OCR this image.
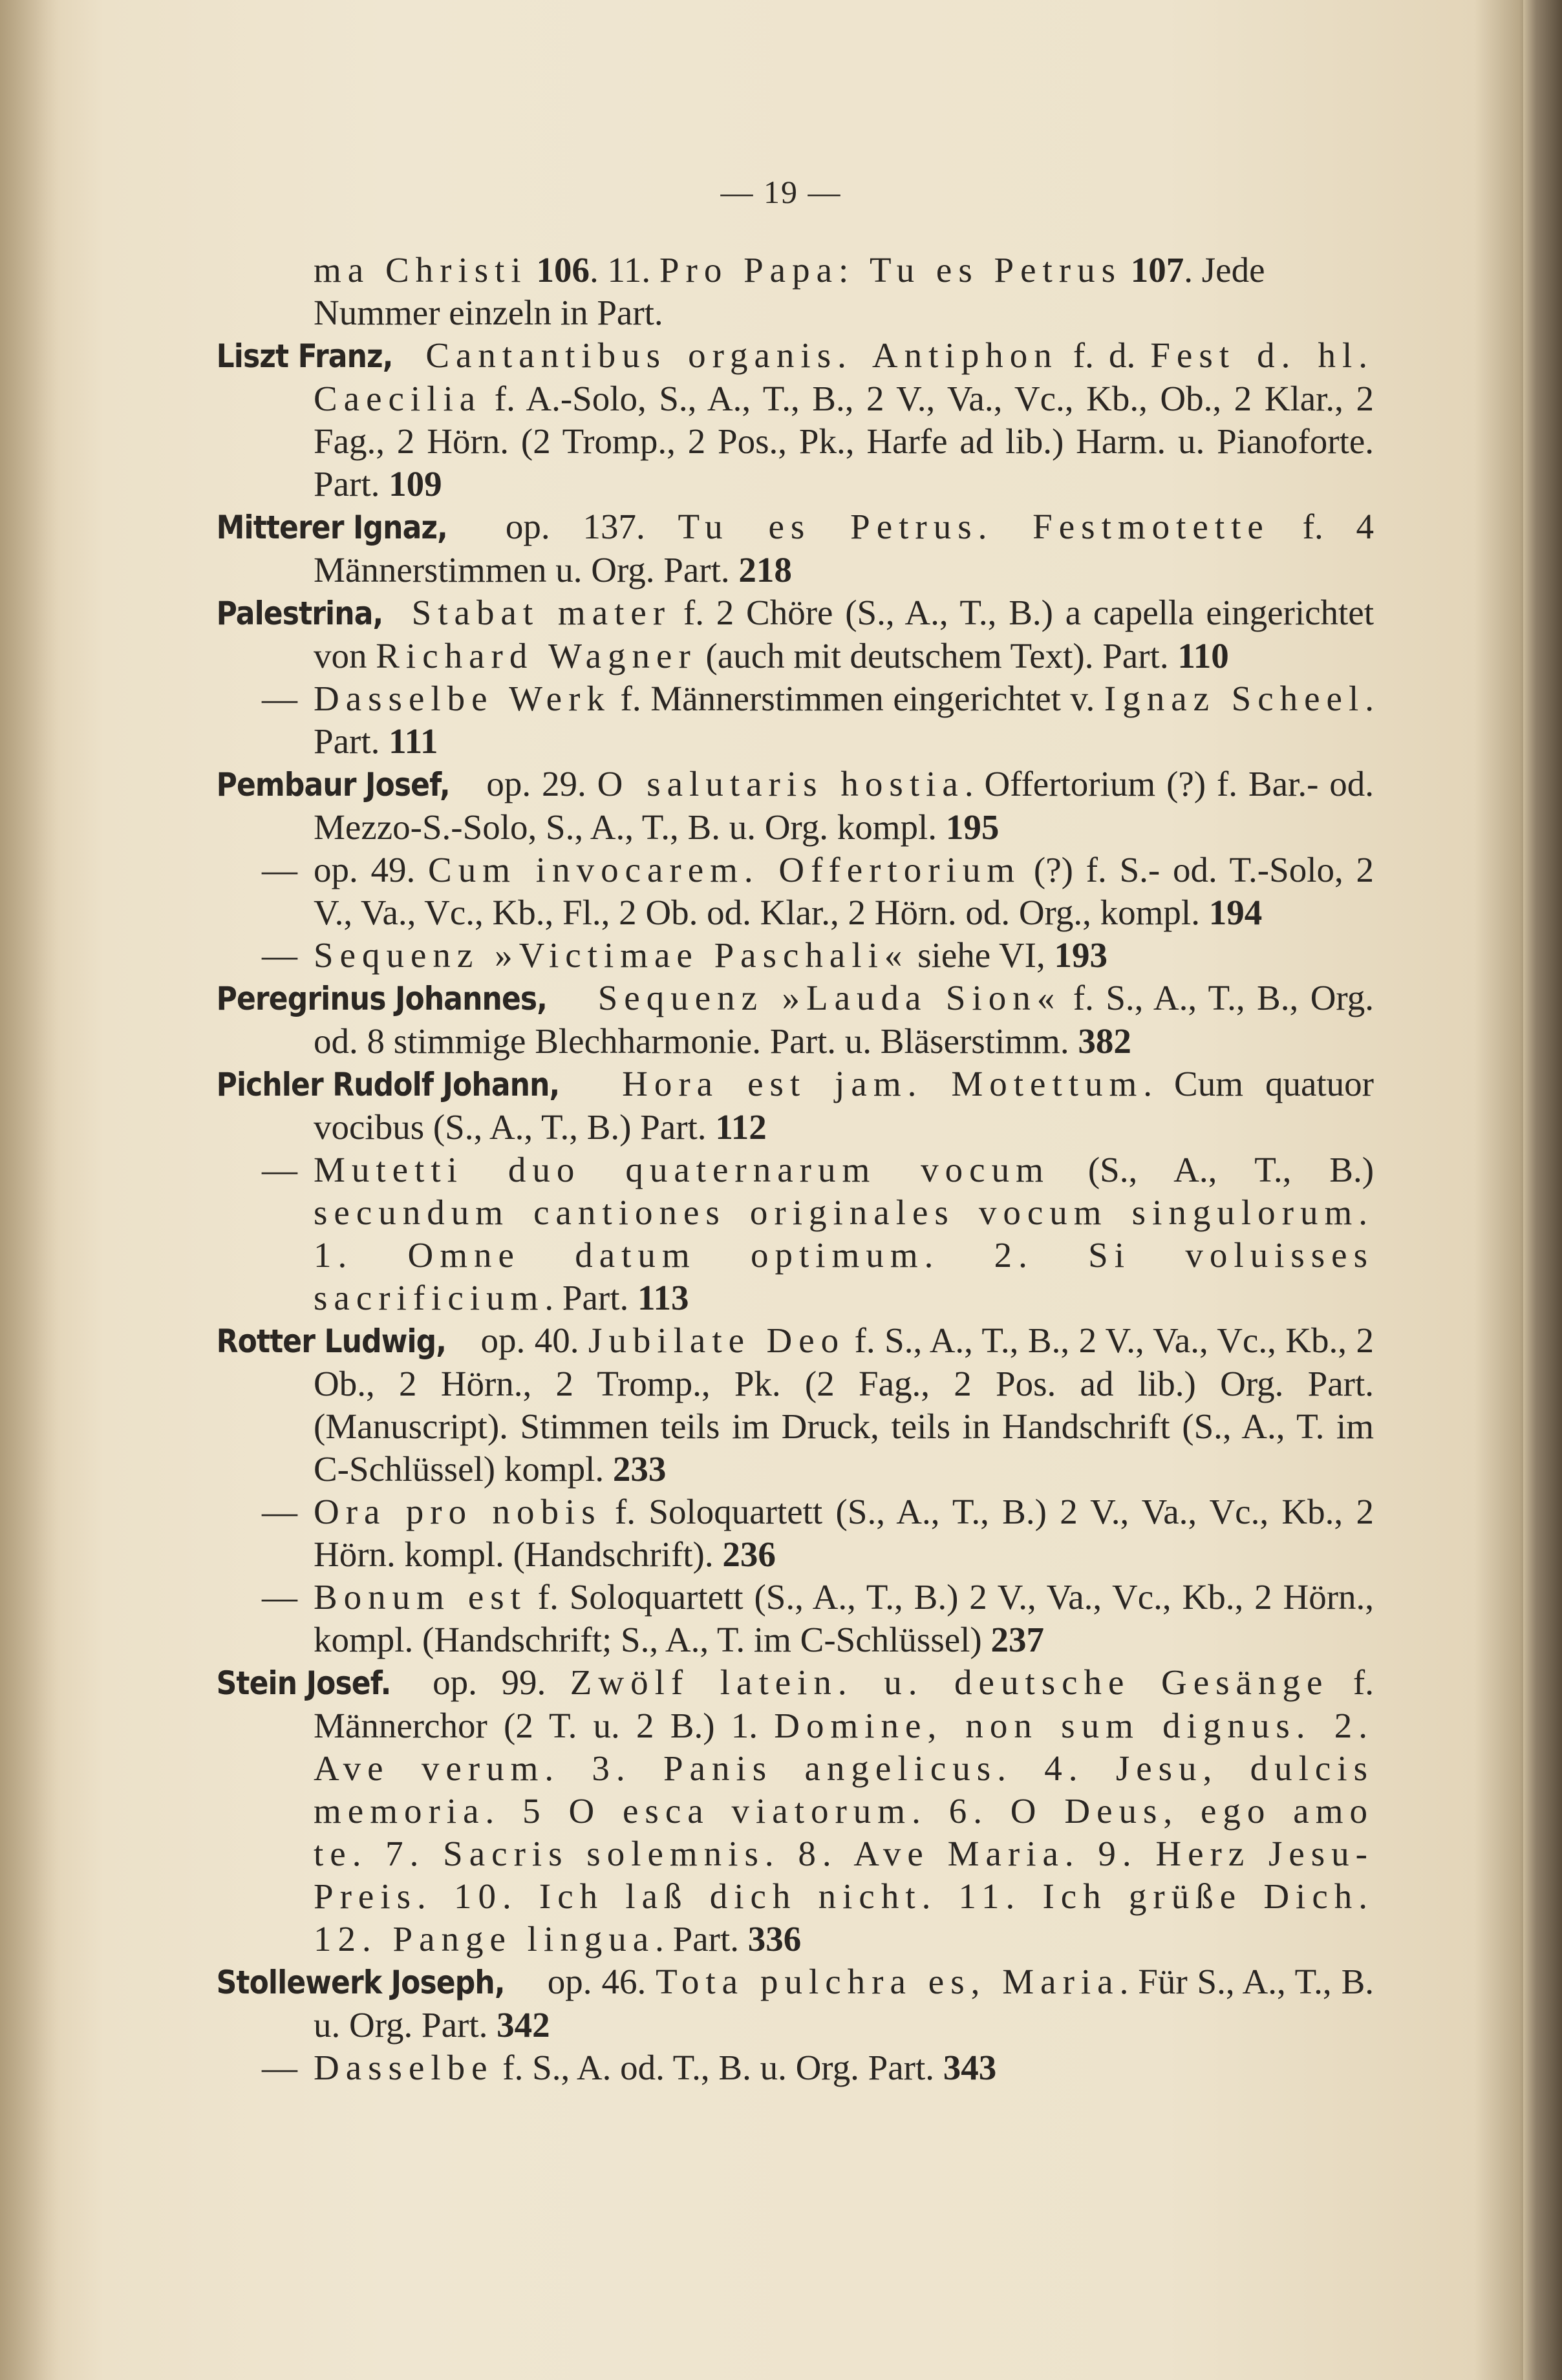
— 19 —
ma Christi 106. 11. Pro Papa: Tu es Petrus 107. Jede Nummer einzeln in Part.
Liszt Franz, Cantantibus organis. Antiphon f. d. Fest d. hl. Caecilia f. A.-Solo, S., A., T., B., 2 V., Va., Vc., Kb., Ob., 2 Klar., 2 Fag., 2 Hörn. (2 Tromp., 2 Pos., Pk., Harfe ad lib.) Harm. u. Pianoforte. Part. 109
Mitterer Ignaz, op. 137. Tu es Petrus. Festmotette f. 4 Männerstimmen u. Org. Part. 218
Palestrina, Stabat mater f. 2 Chöre (S., A., T., B.) a capella eingerichtet von Richard Wagner (auch mit deutschem Text). Part. 110
— Dasselbe Werk f. Männerstimmen eingerichtet v. Ignaz Scheel. Part. 111
Pembaur Josef, op. 29. O salutaris hostia. Offertorium (?) f. Bar.- od. Mezzo-S.-Solo, S., A., T., B. u. Org. kompl. 195
— op. 49. Cum invocarem. Offertorium (?) f. S.- od. T.-Solo, 2 V., Va., Vc., Kb., Fl., 2 Ob. od. Klar., 2 Hörn. od. Org., kompl. 194
— Sequenz »Victimae Paschali« siehe VI, 193
Peregrinus Johannes, Sequenz »Lauda Sion« f. S., A., T., B., Org. od. 8 stimmige Blechharmonie. Part. u. Bläserstimm. 382
Pichler Rudolf Johann, Hora est jam. Motettum. Cum quatuor vocibus (S., A., T., B.) Part. 112
— Mutetti duo quaternarum vocum (S., A., T., B.) secundum cantiones originales vocum singulorum. 1. Omne datum optimum. 2. Si voluisses sacrificium. Part. 113
Rotter Ludwig, op. 40. Jubilate Deo f. S., A., T., B., 2 V., Va., Vc., Kb., 2 Ob., 2 Hörn., 2 Tromp., Pk. (2 Fag., 2 Pos. ad lib.) Org. Part. (Manuscript). Stimmen teils im Druck, teils in Handschrift (S., A., T. im C-Schlüssel) kompl. 233
— Ora pro nobis f. Soloquartett (S., A., T., B.) 2 V., Va., Vc., Kb., 2 Hörn. kompl. (Handschrift). 236
— Bonum est f. Soloquartett (S., A., T., B.) 2 V., Va., Vc., Kb., 2 Hörn., kompl. (Handschrift; S., A., T. im C-Schlüssel) 237
Stein Josef. op. 99. Zwölf latein. u. deutsche Gesänge f. Männerchor (2 T. u. 2 B.) 1. Domine, non sum dignus. 2. Ave verum. 3. Panis angelicus. 4. Jesu, dulcis memoria. 5 O esca viatorum. 6. O Deus, ego amo te. 7. Sacris solemnis. 8. Ave Maria. 9. Herz Jesu-Preis. 10. Ich laß dich nicht. 11. Ich grüße Dich. 12. Pange lingua. Part. 336
Stollewerk Joseph, op. 46. Tota pulchra es, Maria. Für S., A., T., B. u. Org. Part. 342
— Dasselbe f. S., A. od. T., B. u. Org. Part. 343
